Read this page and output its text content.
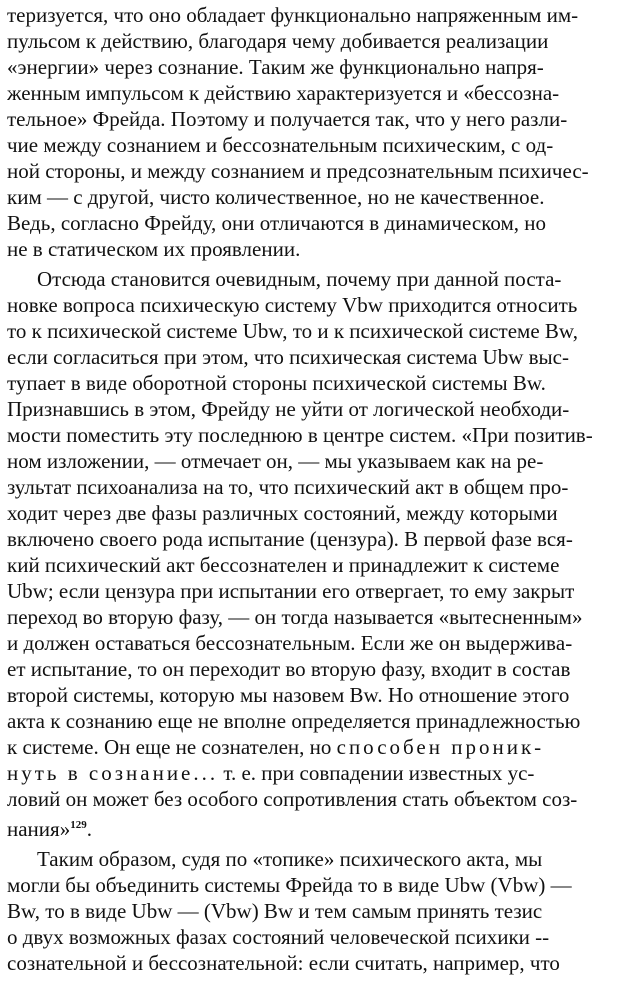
теризуется, что оно обладает функционально напряженным им-
пульсом к действию, благодаря чему добивается реализации
«энергии» через сознание. Таким же функционально напря-
женным импульсом к действию характеризуется и «бессозна-
тельное» Фрейда. Поэтому и получается так, что у него разли-
чие между сознанием и бессознательным психическим, с од-
ной стороны, и между сознанием и предсознательным психичес-
ким — с другой, чисто количественное, но не качественное.
Ведь, согласно Фрейду, они отличаются в динамическом, но
не в статическом их проявлении.
Отсюда становится очевидным, почему при данной поста-
новке вопроса психическую систему Vbw приходится относить
то к психической системе Ubw, то и к психической системе Bw,
если согласиться при этом, что психическая система Ubw выс-
тупает в виде оборотной стороны психической системы Bw.
Признавшись в этом, Фрейду не уйти от логической необходи-
мости поместить эту последнюю в центре систем. «При позитив-
ном изложении, — отмечает он, — мы указываем как на ре-
зультат психоанализа на то, что психический акт в общем про-
ходит через две фазы различных состояний, между которыми
включено своего рода испытание (цензура). В первой фазе вся-
кий психический акт бессознателен и принадлежит к системе
Ubw; если цензура при испытании его отвергает, то ему закрыт
переход во вторую фазу, — он тогда называется «вытесненным»
и должен оставаться бессознательным. Если же он выдерживa-
ет испытание, то он переходит во вторую фазу, входит в состав
второй системы, которую мы назовем Bw. Но отношение этого
акта к сознанию еще не вполне определяется принадлежностью
к системе. Он еще не сознателен, но способен проник-
нуть в сознание... т. е. при совпадении известных ус-
ловий он может без особого сопротивления стать объектом соз-
нания»$^{129}$.
Таким образом, судя по «топике» психического акта, мы
могли бы объединить системы Фрейда то в виде Ubw (Vbw) —
Bw, то в виде Ubw — (Vbw) Bw и тем самым принять тезис
о двух возможных фазах состояний человеческой психики --
сознательной и бессознательной: если считать, например, что
